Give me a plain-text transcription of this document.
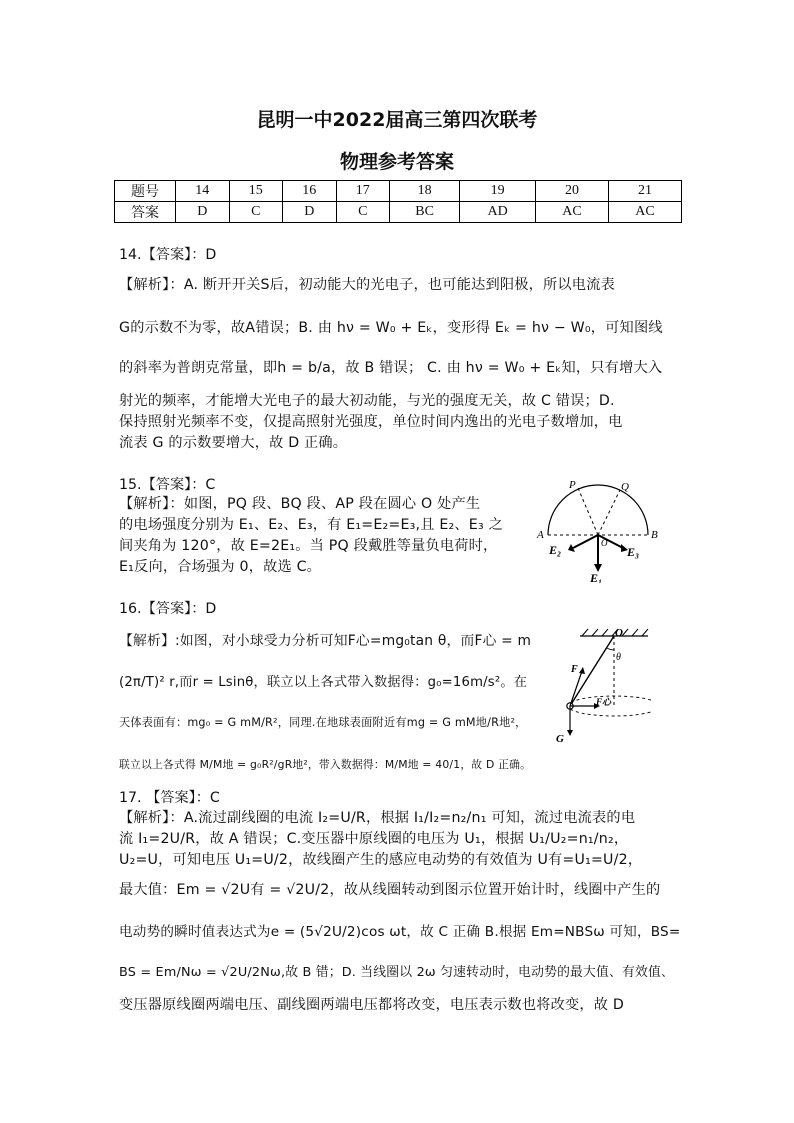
昆明一中2022届高三第四次联考
物理参考答案
题号	14	15	16	17	18	19	20	21
答案	D	C	D	C	BC	AD	AC	AC
14.【答案】：D
【解析】：A. 断开开关S后，初动能大的光电子，也可能达到阳极，所以电流表
G的示数不为零，故A错误；B. 由 hν = W₀ + Eₖ，变形得 Eₖ = hν − W₀，可知图线
的斜率为普朗克常量，即h = b/a，故 B 错误； C. 由 hν = W₀ + Eₖ知，只有增大入
射光的频率，才能增大光电子的最大初动能，与光的强度无关，故 C 错误；D.
保持照射光频率不变，仅提高照射光强度，单位时间内逸出的光电子数增加，电
流表 G 的示数要增大，故 D 正确。
15.【答案】：C
【解析】：如图，PQ 段、BQ 段、AP 段在圆心 O 处产生
的电场强度分别为 E₁、E₂、E₃，有 E₁=E₂=E₃,且 E₂、E₃ 之
间夹角为 120°，故 E=2E₁。当 PQ 段戴胜等量负电荷时，
E₁反向，合场强为 0，故选 C。
P	Q
A	B
O
E₂	E₃
E₁
16.【答案】：D
【解析】:如图，对小球受力分析可知F心=mg₀tan θ，而F心 = m
(2π/T)² r,而r = Lsinθ，联立以上各式带入数据得：g₀=16m/s²。在
天体表面有：mg₀ = G mM/R²，同理.在地球表面附近有mg = G mM地/R地²，
联立以上各式得 M/M地 = g₀R²/gR地²，带入数据得：M/M地 = 40/1，故 D 正确。
O
θ
F
F心
G
17. 【答案】：C
【解析】：A.流过副线圈的电流 I₂=U/R，根据 I₁/I₂=n₂/n₁ 可知，流过电流表的电
流 I₁=2U/R，故 A 错误；C.变压器中原线圈的电压为 U₁，根据 U₁/U₂=n₁/n₂，
U₂=U，可知电压 U₁=U/2，故线圈产生的感应电动势的有效值为 U有=U₁=U/2，
最大值：Em = √2U有 = √2U/2，故从线圈转动到图示位置开始计时，线圈中产生的
电动势的瞬时值表达式为e = (5√2U/2)cos ωt，故 C 正确 B.根据 Em=NBSω 可知，BS=
BS = Em/Nω = √2U/2Nω,故 B 错；D. 当线圈以 2ω 匀速转动时，电动势的最大值、有效值、
变压器原线圈两端电压、副线圈两端电压都将改变，电压表示数也将改变，故 D
